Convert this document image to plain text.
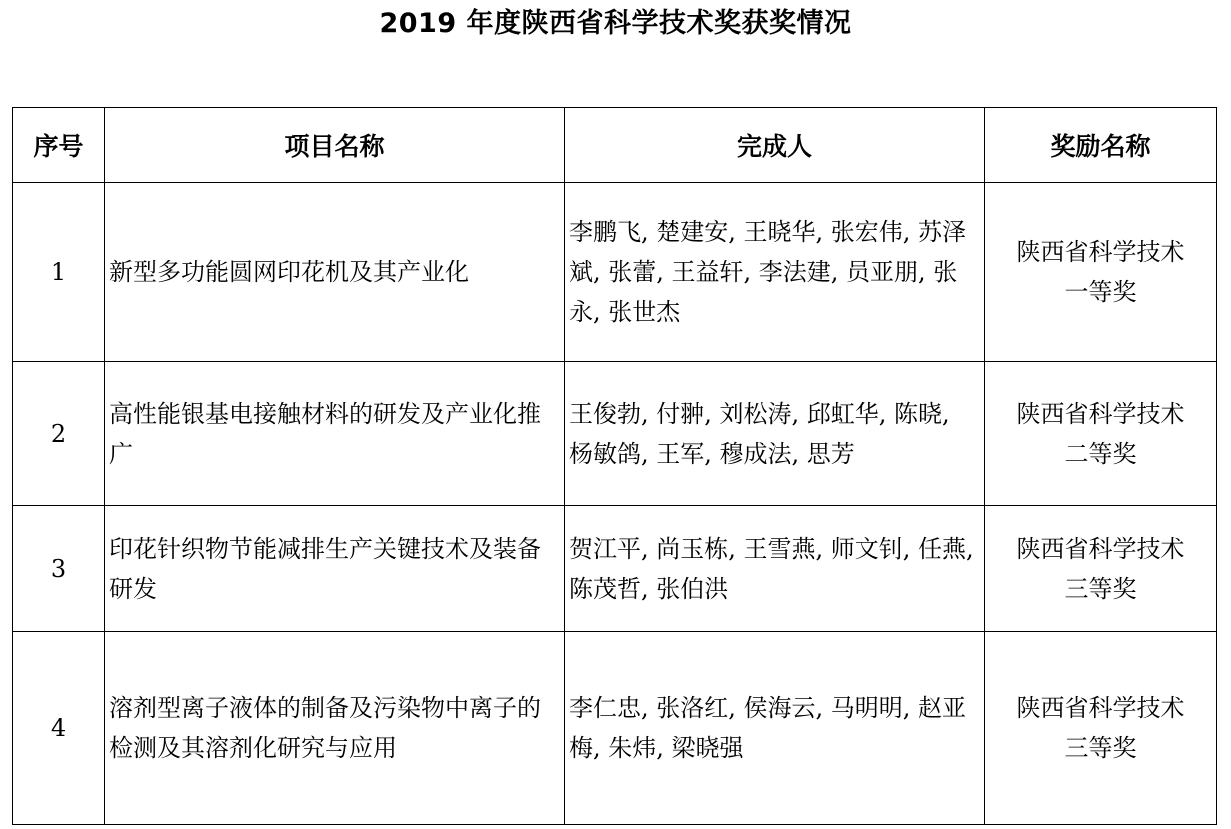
2019 年度陕西省科学技术奖获奖情况
序号	项目名称	完成人	奖励名称
1	新型多功能圆网印花机及其产业化	李鹏飞, 楚建安, 王晓华, 张宏伟, 苏泽斌, 张蕾, 王益轩, 李法建, 员亚朋, 张永, 张世杰	陕西省科学技术
一等奖

2	高性能银基电接触材料的研发及产业化推广	王俊勃, 付翀, 刘松涛, 邱虹华, 陈晓, 杨敏鸽, 王军, 穆成法, 思芳	陕西省科学技术
二等奖

3	印花针织物节能减排生产关键技术及装备研发	贺江平, 尚玉栋, 王雪燕, 师文钊, 任燕, 陈茂哲, 张伯洪	陕西省科学技术
三等奖

4	溶剂型离子液体的制备及污染物中离子的检测及其溶剂化研究与应用	李仁忠, 张洛红, 侯海云, 马明明, 赵亚梅, 朱炜, 梁晓强	陕西省科学技术
三等奖
